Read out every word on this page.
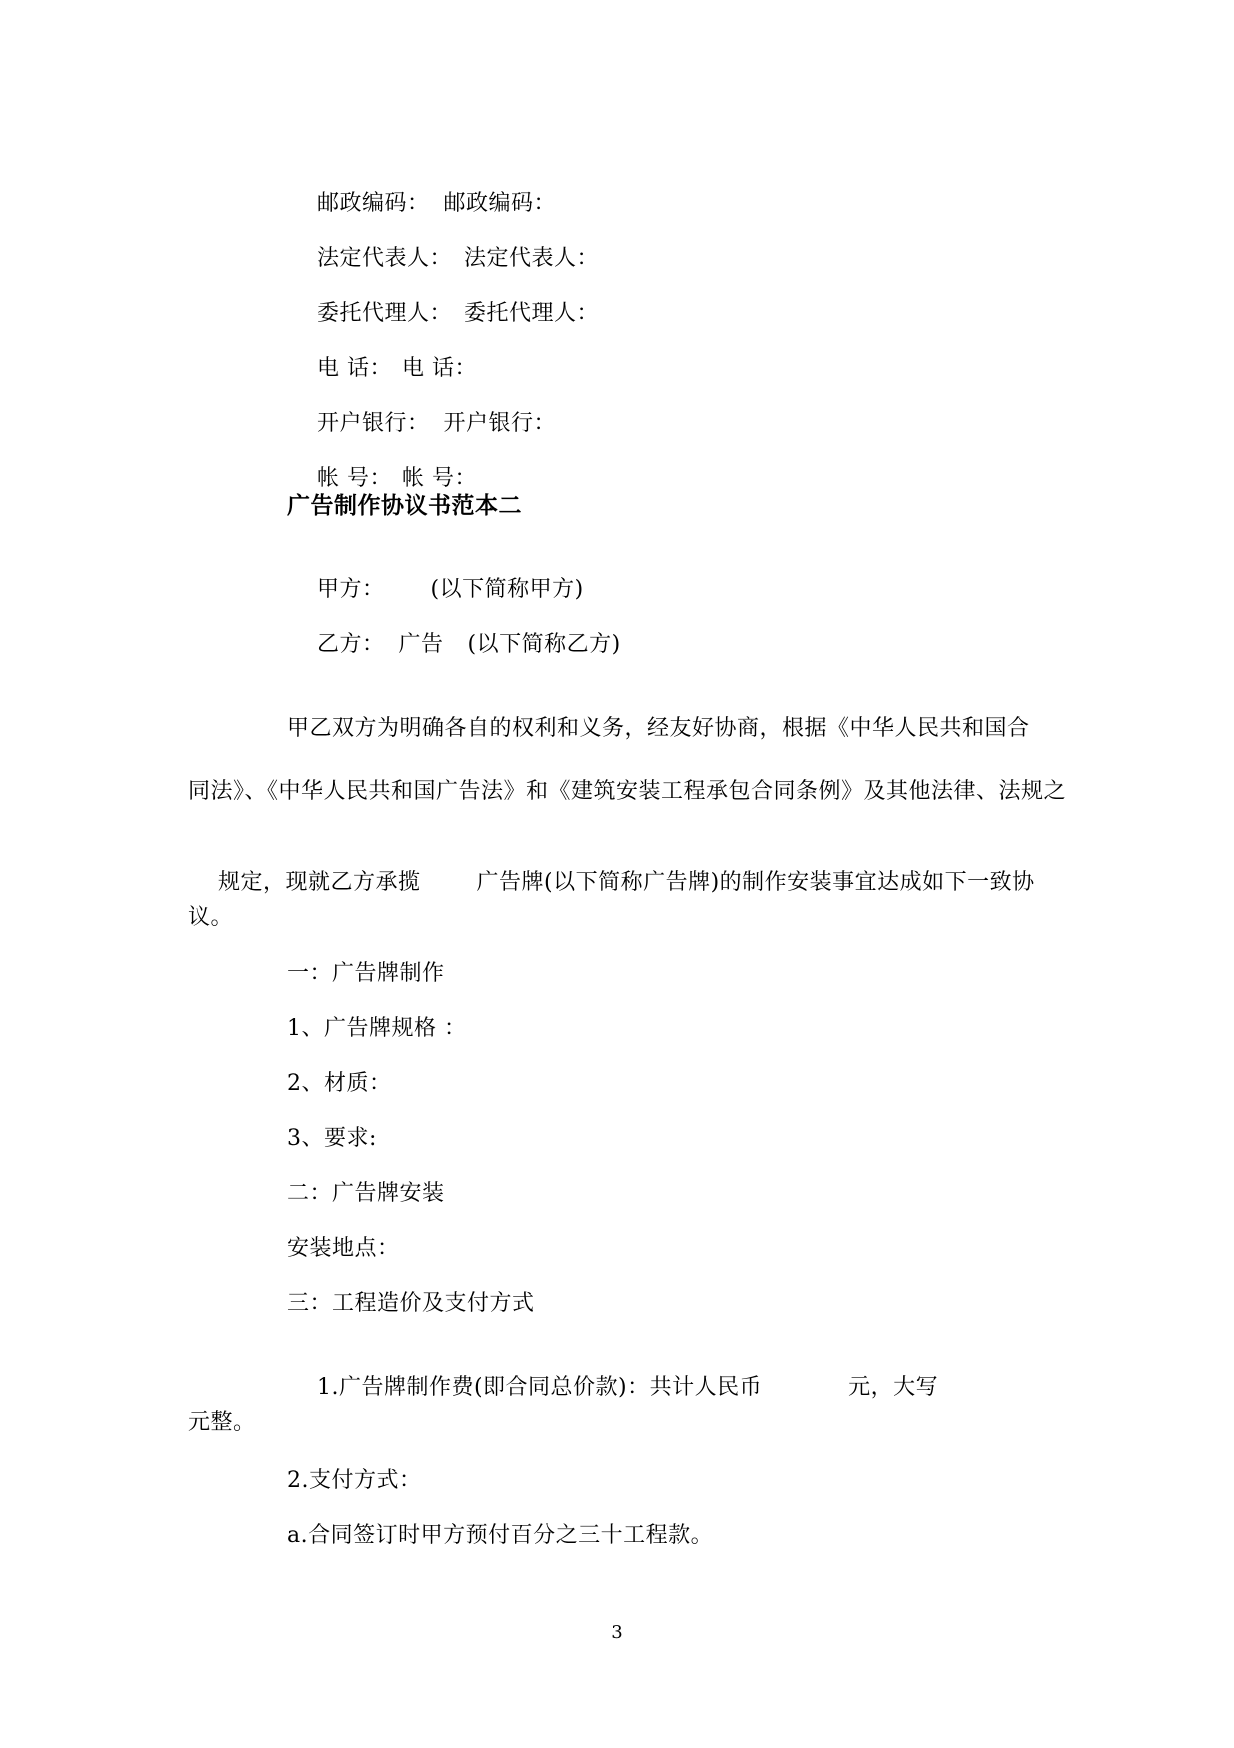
邮政编码： 邮政编码：

法定代表人： 法定代表人：

委托代理人： 委托代理人：

电 话： 电 话：

开户银行： 开户银行：

帐 号： 帐 号：

广告制作协议书范本二

甲方： (以下简称甲方)

乙方： 广告 (以下简称乙方)

甲乙双方为明确各自的权利和义务，经友好协商，根据《中华人民共和国合
同法》、《中华人民共和国广告法》和《建筑安装工程承包合同条例》及其他法律、法规之

规定，现就乙方承揽	广告牌(以下简称广告牌)的制作安装事宜达成如下一致协

议。
一：广告牌制作
1、广告牌规格 ：
2、材质：
3、要求:
二：广告牌安装
安装地点：
三：工程造价及支付方式

1.广告牌制作费(即合同总价款)：共计人民币	元，大写

元整。
2.支付方式：
a.合同签订时甲方预付百分之三十工程款。
3
